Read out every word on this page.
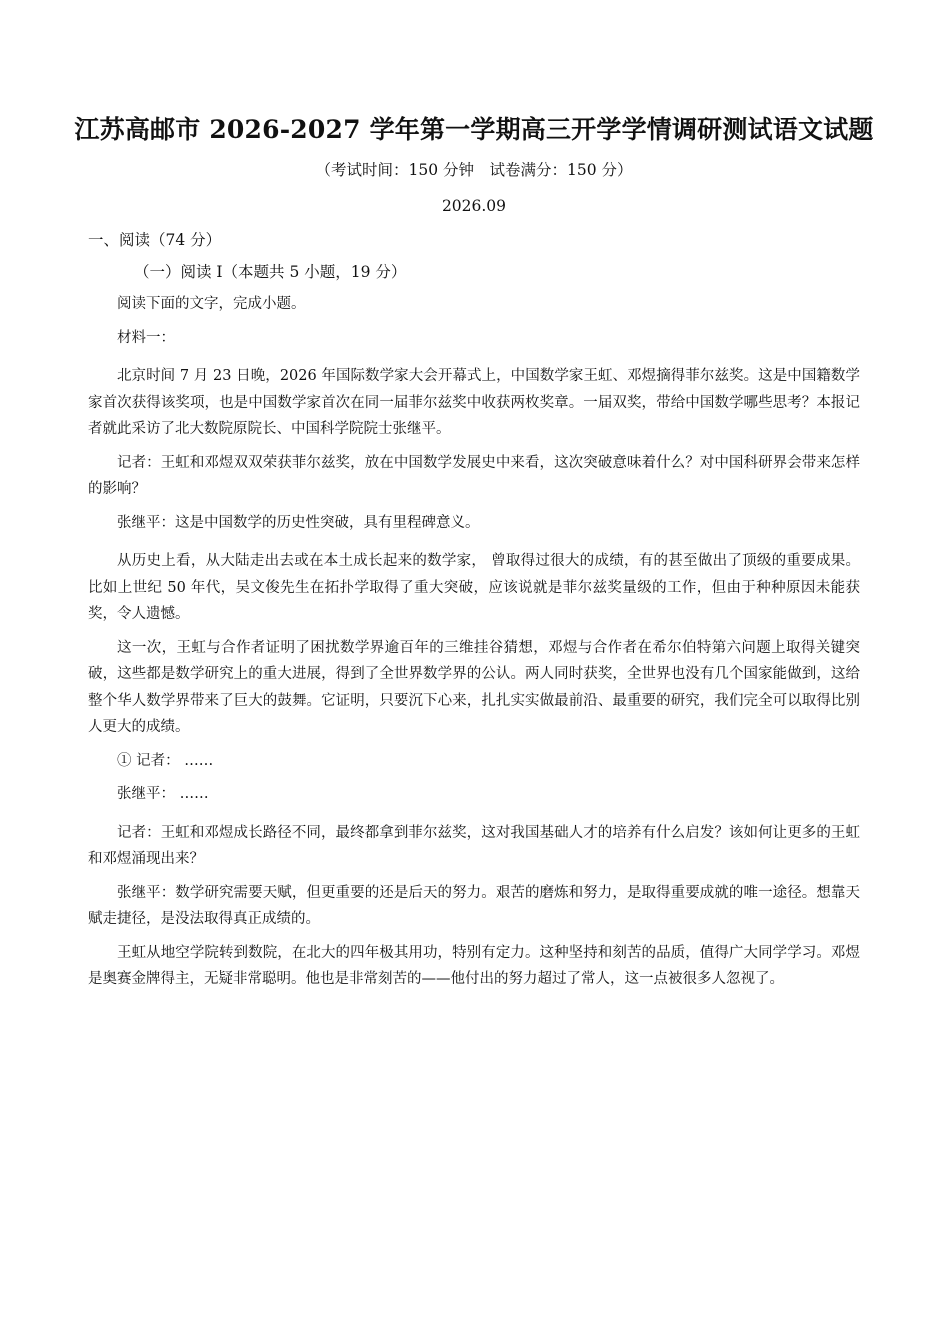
江苏高邮市 2026-2027 学年第一学期高三开学学情调研测试语文试题
（考试时间：150 分钟　试卷满分：150 分）
2026.09
一、阅读（74 分）
（一）阅读 Ⅰ（本题共 5 小题，19 分）

阅读下面的文字，完成小题。

材料一：

北京时间 7 月 23 日晚，2026 年国际数学家大会开幕式上，中国数学家王虹、邓煜摘得菲尔兹奖。这是中国籍数学家首次获得该奖项，也是中国数学家首次在同一届菲尔兹奖中收获两枚奖章。一届双奖，带给中国数学哪些思考？本报记者就此采访了北大数院原院长、中国科学院院士张继平。

记者：王虹和邓煜双双荣获菲尔兹奖，放在中国数学发展史中来看，这次突破意味着什么？对中国科研界会带来怎样的影响？

张继平：这是中国数学的历史性突破，具有里程碑意义。

从历史上看，从大陆走出去或在本土成长起来的数学家， 曾取得过很大的成绩，有的甚至做出了顶级的重要成果。比如上世纪 50 年代，吴文俊先生在拓扑学取得了重大突破，应该说就是菲尔兹奖量级的工作，但由于种种原因未能获奖，令人遗憾。

这一次，王虹与合作者证明了困扰数学界逾百年的三维挂谷猜想，邓煜与合作者在希尔伯特第六问题上取得关键突破，这些都是数学研究上的重大进展，得到了全世界数学界的公认。两人同时获奖，全世界也没有几个国家能做到，这给整个华人数学界带来了巨大的鼓舞。它证明，只要沉下心来，扎扎实实做最前沿、最重要的研究，我们完全可以取得比别人更大的成绩。

① 记者： ……

张继平： ……

记者：王虹和邓煜成长路径不同，最终都拿到菲尔兹奖，这对我国基础人才的培养有什么启发？该如何让更多的王虹和邓煜涌现出来？

张继平：数学研究需要天赋，但更重要的还是后天的努力。艰苦的磨炼和努力，是取得重要成就的唯一途径。想靠天赋走捷径，是没法取得真正成绩的。

王虹从地空学院转到数院，在北大的四年极其用功，特别有定力。这种坚持和刻苦的品质，值得广大同学学习。邓煜是奥赛金牌得主，无疑非常聪明。他也是非常刻苦的——他付出的努力超过了常人，这一点被很多人忽视了。
